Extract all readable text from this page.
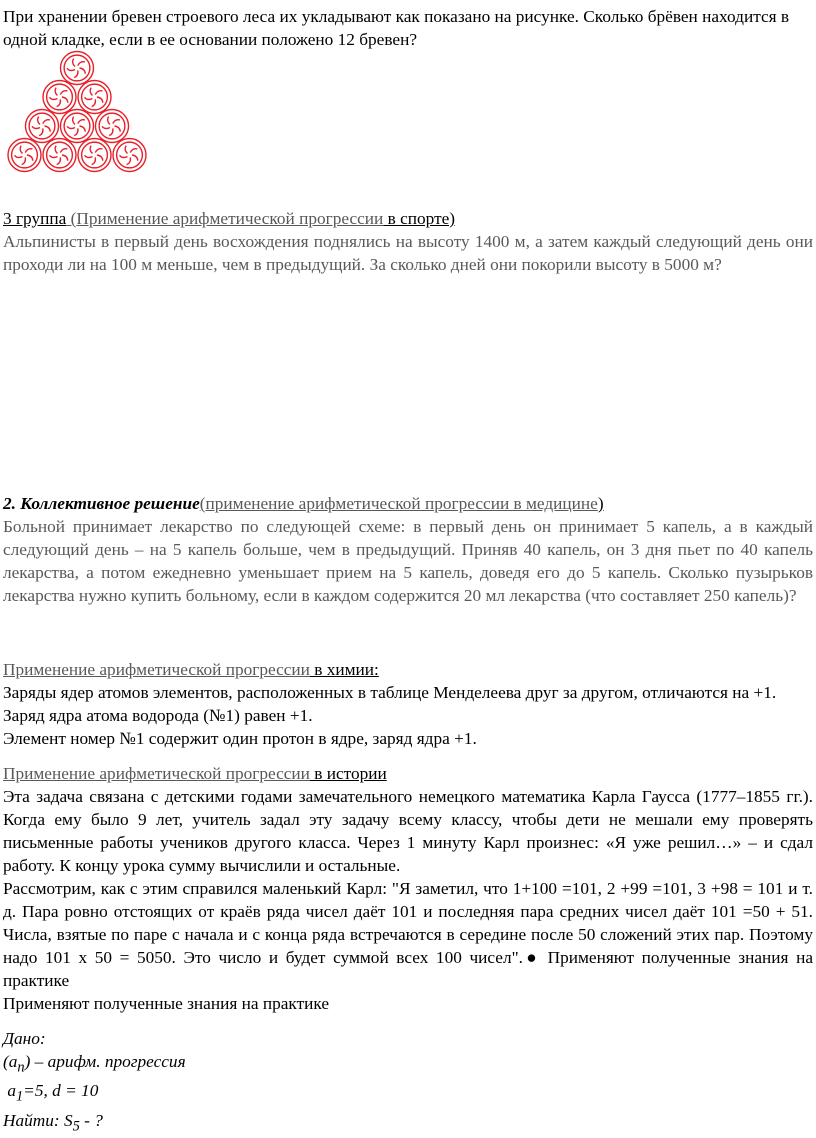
При хранении бревен строевого леса их укладывают как показано на рисунке. Сколько брёвен находится в одной кладке, если в ее основании положено 12 бревен?

3 группа (Применение арифметической прогрессии в спорте)

Альпинисты в первый день восхождения поднялись на высоту 1400 м, а затем каждый следующий день они проходи ли на 100 м меньше, чем в предыдущий. За сколько дней они покорили высоту в 5000 м?

2. Коллективное решение(применение арифметической прогрессии в медицине)

Больной принимает лекарство по следующей схеме: в первый день он принимает 5 капель, а в каждый следующий день – на 5 капель больше, чем в предыдущий. Приняв 40 капель, он 3 дня пьет по 40 капель лекарства, а потом ежедневно уменьшает прием на 5 капель, доведя его до 5 капель. Сколько пузырьков лекарства нужно купить больному, если в каждом содержится 20 мл лекарства (что составляет 250 капель)?

Применение арифметической прогрессии в химии:

Заряды ядер атомов элементов, расположенных в таблице Менделеева друг за другом, отличаются на +1.

Заряд ядра атома водорода (№1) равен +1.

Элемент номер №1 содержит один протон в ядре, заряд ядра +1.

Применение арифметической прогрессии в истории

Эта задача связана с детскими годами замечательного немецкого математика Карла Гаусса (1777–1855 гг.). Когда ему было 9 лет, учитель задал эту задачу всему классу, чтобы дети не мешали ему проверять письменные работы учеников другого класса. Через 1 минуту Карл произнес: «Я уже решил…» – и сдал работу. К концу урока сумму вычислили и остальные.

Рассмотрим, как с этим справился маленький Карл: "Я заметил, что 1+100 =101, 2 +99 =101, 3 +98 = 101 и т. д. Пара ровно отстоящих от краёв ряда чисел даёт 101 и последняя пара средних чисел даёт 101 =50 + 51. Числа, взятые по паре с начала и с конца ряда встречаются в середине после 50 сложений этих пар. Поэтому надо 101 х 50 = 5050. Это число и будет суммой всех 100 чисел".● Применяют полученные знания на практике

Применяют полученные знания на практике

Дано:

$(a_n)$ – арифм. прогрессия

$a_1=5$, d = 10

Найти: $S_5$ - ?
